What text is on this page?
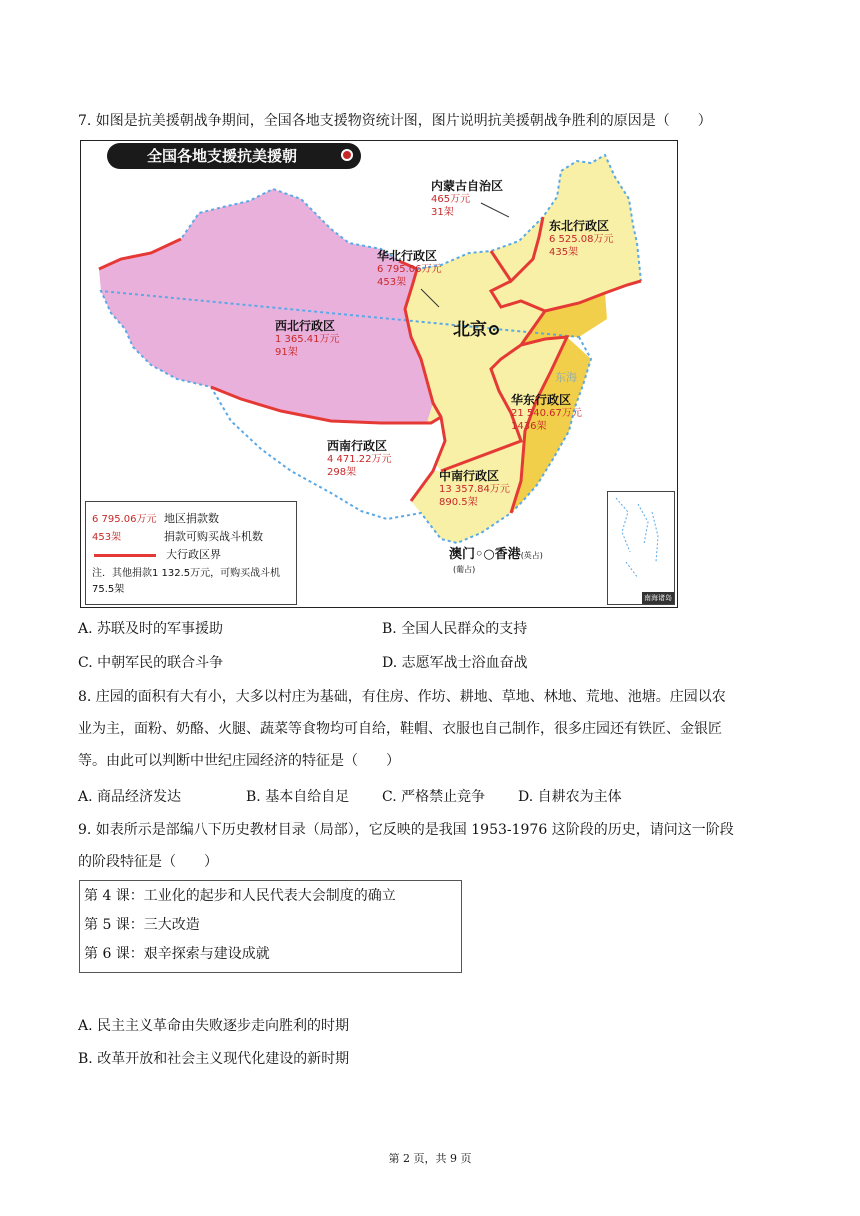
7. 如图是抗美援朝战争期间，全国各地支援物资统计图，图片说明抗美援朝战争胜利的原因是（　　）
东海
全国各地支援抗美援朝
内蒙古自治区
465万元
31架
东北行政区
6 525.08万元
435架
华北行政区
6 795.06万元
453架
西北行政区
1 365.41万元
91架
北京
华东行政区
21 540.67万元
1436架
西南行政区
4 471.22万元
298架	中南行政区
13 357.84万元
890.5架
澳门◦○香港(英占)
(葡占)
6 795.06万元 地区捐款数
453架	捐款可购买战斗机数
大行政区界
注．其他捐款1 132.5万元，可购买战斗机75.5架
南海诸岛
A. 苏联及时的军事援助	B. 全国人民群众的支持
C. 中朝军民的联合斗争	D. 志愿军战士浴血奋战
8. 庄园的面积有大有小，大多以村庄为基础，有住房、作坊、耕地、草地、林地、荒地、池塘。庄园以农
业为主，面粉、奶酪、火腿、蔬菜等食物均可自给，鞋帽、衣服也自己制作，很多庄园还有铁匠、金银匠
等。由此可以判断中世纪庄园经济的特征是（　　）
A. 商品经济发达	B. 基本自给自足 C. 严格禁止竞争 D. 自耕农为主体
9. 如表所示是部编八下历史教材目录（局部），它反映的是我国 1953-1976 这阶段的历史，请问这一阶段
的阶段特征是（　　）
第 4 课：工业化的起步和人民代表大会制度的确立
第 5 课：三大改造
第 6 课：艰辛探索与建设成就
A. 民主主义革命由失败逐步走向胜利的时期
B. 改革开放和社会主义现代化建设的新时期
第 2 页，共 9 页
